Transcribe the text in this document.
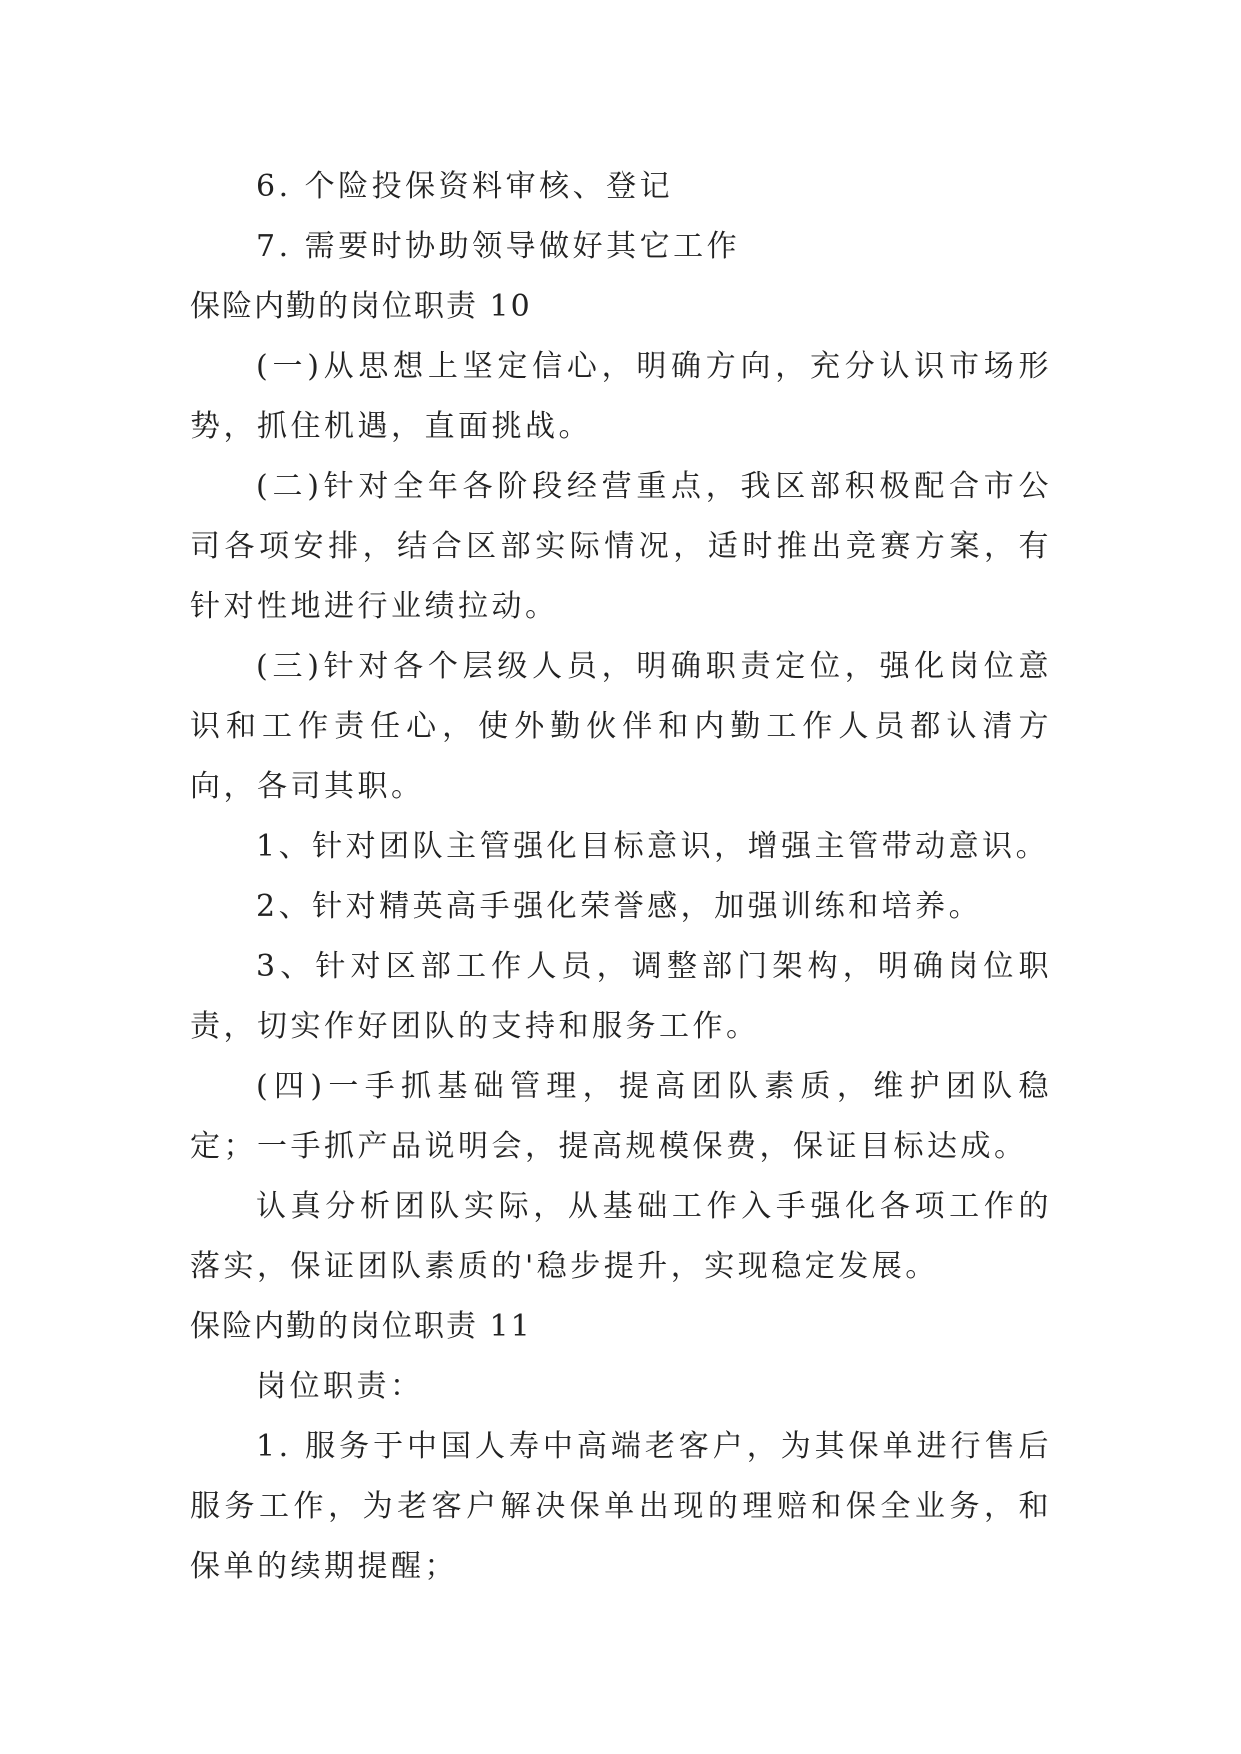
6. 个险投保资料审核、登记
7. 需要时协助领导做好其它工作
保险内勤的岗位职责 10
(一)从思想上坚定信心，明确方向，充分认识市场形势，抓住机遇，直面挑战。
(二)针对全年各阶段经营重点，我区部积极配合市公司各项安排，结合区部实际情况，适时推出竞赛方案，有针对性地进行业绩拉动。
(三)针对各个层级人员，明确职责定位，强化岗位意识和工作责任心，使外勤伙伴和内勤工作人员都认清方向，各司其职。
1、针对团队主管强化目标意识，增强主管带动意识。
2、针对精英高手强化荣誉感，加强训练和培养。
3、针对区部工作人员，调整部门架构，明确岗位职责，切实作好团队的支持和服务工作。
(四)一手抓基础管理，提高团队素质，维护团队稳定；一手抓产品说明会，提高规模保费，保证目标达成。
认真分析团队实际，从基础工作入手强化各项工作的落实，保证团队素质的'稳步提升，实现稳定发展。
保险内勤的岗位职责 11
岗位职责：
1. 服务于中国人寿中高端老客户，为其保单进行售后服务工作，为老客户解决保单出现的理赔和保全业务，和保单的续期提醒；
